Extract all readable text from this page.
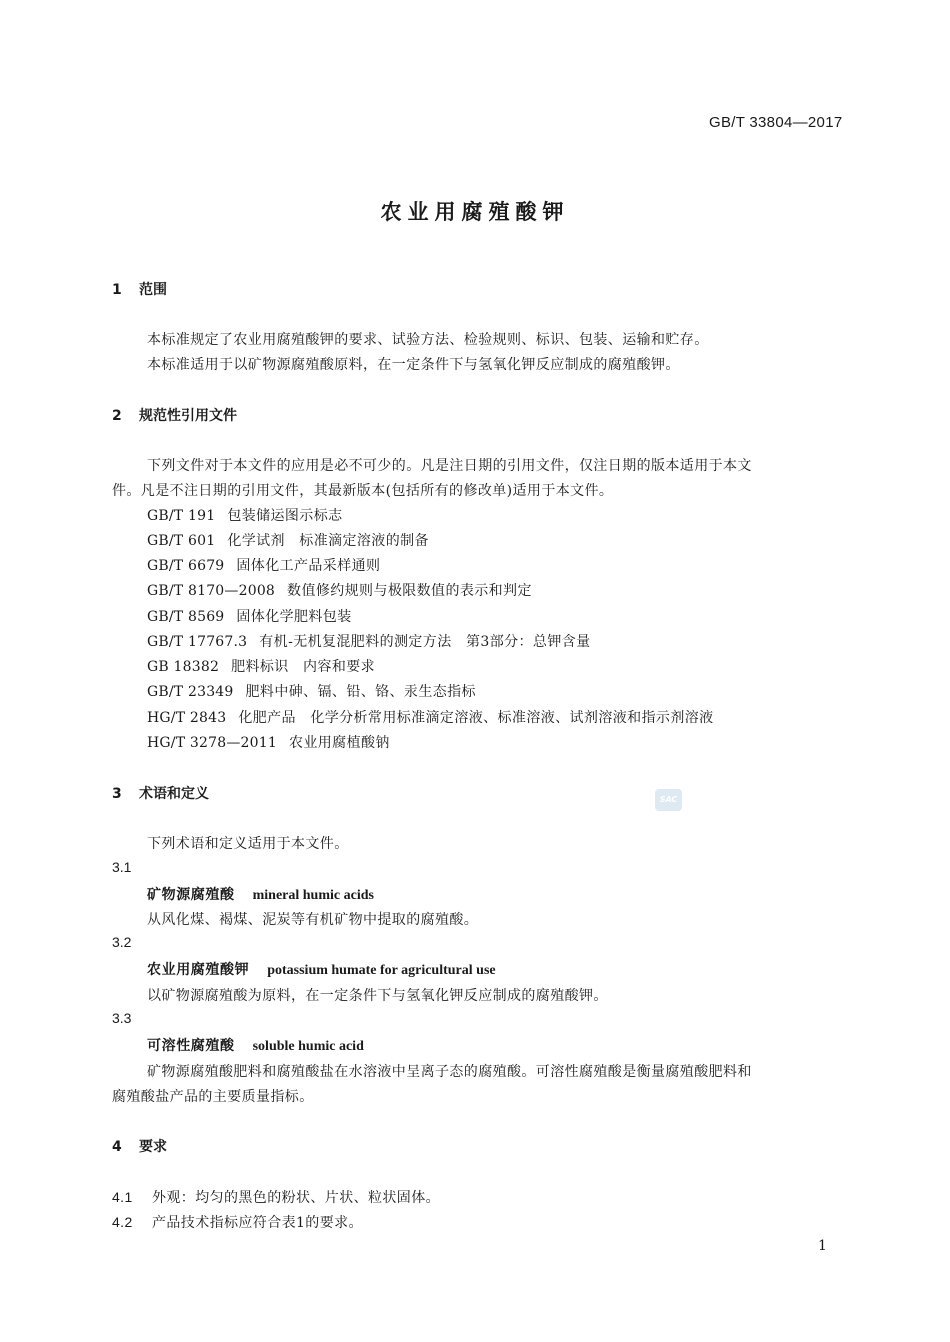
GB/T 33804—2017
农业用腐殖酸钾
1 范围
本标准规定了农业用腐殖酸钾的要求、试验方法、检验规则、标识、包装、运输和贮存。
本标准适用于以矿物源腐殖酸原料，在一定条件下与氢氧化钾反应制成的腐殖酸钾。
2 规范性引用文件
下列文件对于本文件的应用是必不可少的。凡是注日期的引用文件，仅注日期的版本适用于本文
件。凡是不注日期的引用文件，其最新版本(包括所有的修改单)适用于本文件。
GB/T 191 包装储运图示标志
GB/T 601 化学试剂　标准滴定溶液的制备
GB/T 6679 固体化工产品采样通则
GB/T 8170—2008 数值修约规则与极限数值的表示和判定
GB/T 8569 固体化学肥料包装
GB/T 17767.3 有机-无机复混肥料的测定方法　第3部分：总钾含量
GB 18382 肥料标识　内容和要求
GB/T 23349 肥料中砷、镉、铅、铬、汞生态指标
HG/T 2843 化肥产品　化学分析常用标准滴定溶液、标准溶液、试剂溶液和指示剂溶液
HG/T 3278—2011 农业用腐植酸钠
3 术语和定义	SAC
下列术语和定义适用于本文件。
3.1
矿物源腐殖酸 mineral humic acids
从风化煤、褐煤、泥炭等有机矿物中提取的腐殖酸。
3.2
农业用腐殖酸钾 potassium humate for agricultural use
以矿物源腐殖酸为原料，在一定条件下与氢氧化钾反应制成的腐殖酸钾。
3.3
可溶性腐殖酸 soluble humic acid
矿物源腐殖酸肥料和腐殖酸盐在水溶液中呈离子态的腐殖酸。可溶性腐殖酸是衡量腐殖酸肥料和
腐殖酸盐产品的主要质量指标。
4 要求
4.1 外观：均匀的黑色的粉状、片状、粒状固体。
4.2 产品技术指标应符合表1的要求。
1
